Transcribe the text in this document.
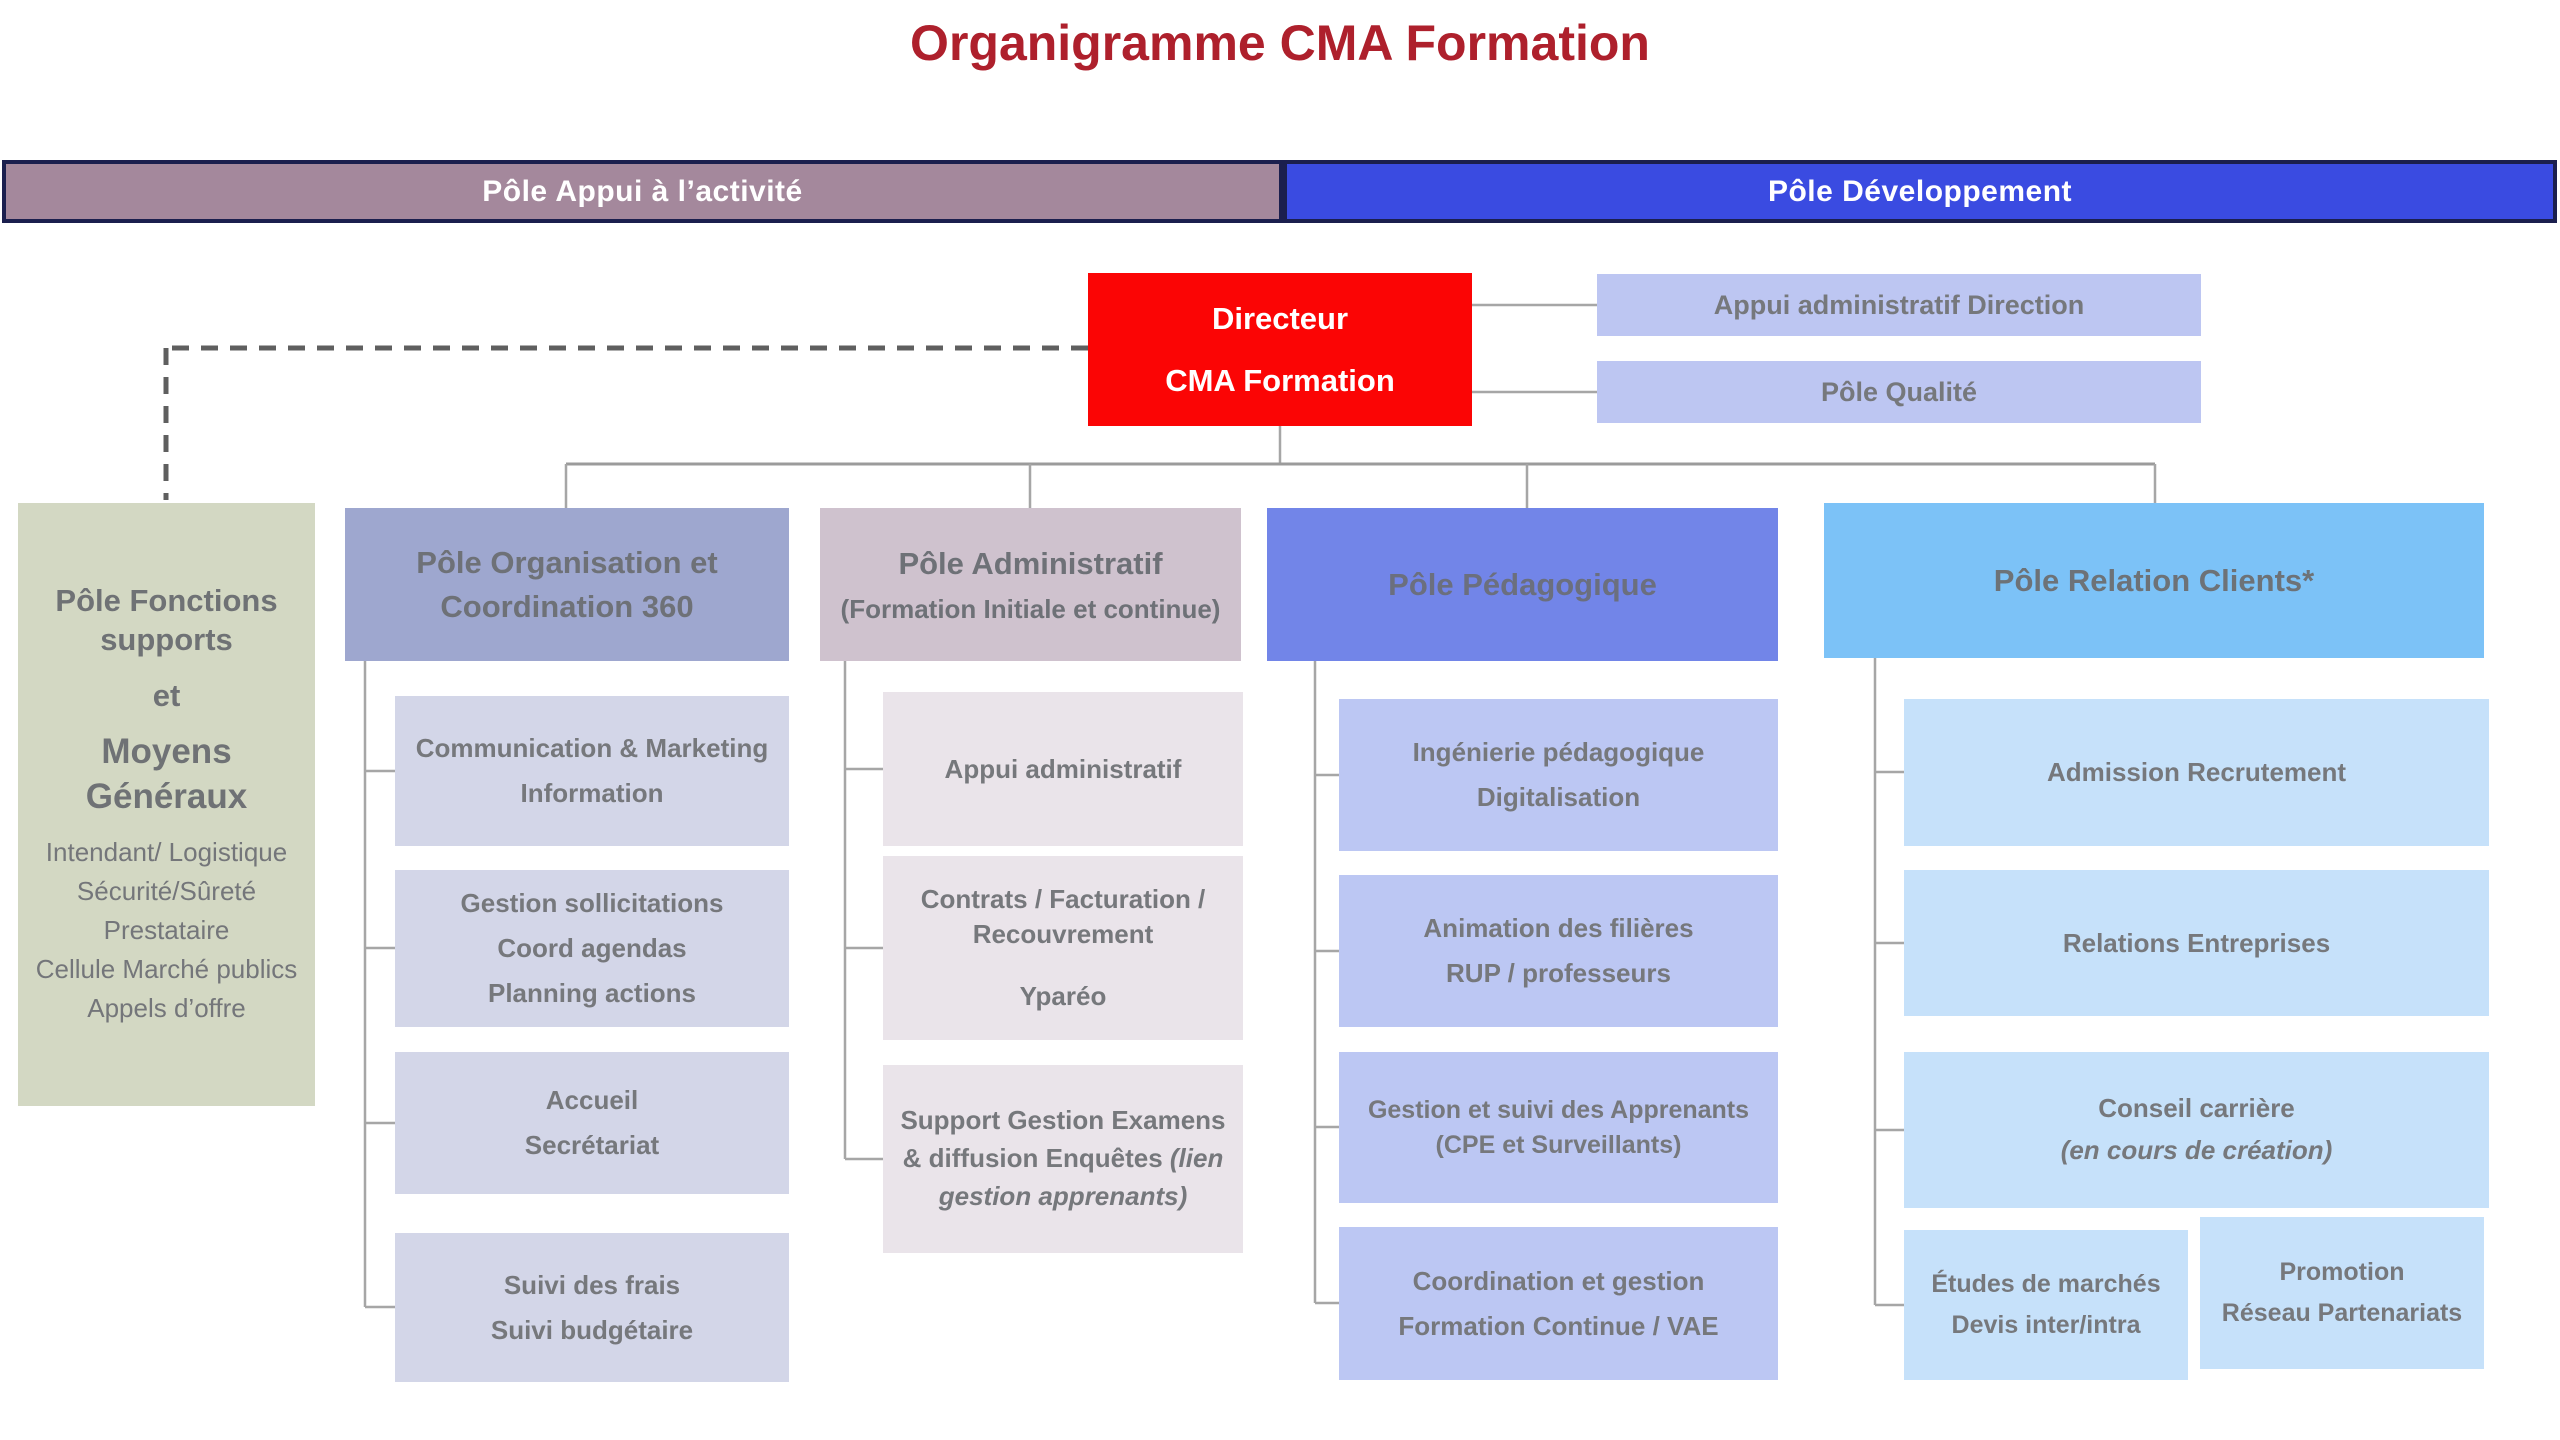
Organigramme CMA Formation
Pôle Appui à l’activité	Pôle Développement
Directeur
CMA Formation
Appui administratif Direction
Pôle Qualité
Pôle Fonctions
supports
et
Moyens Généraux
Intendant/ Logistique
Sécurité/Sûreté
Prestataire
Cellule Marché publics
Appels d’offre
Pôle Organisation et
Coordination 360
Pôle Administratif
(Formation Initiale et continue)
Pôle Pédagogique	Pôle Relation Clients*
Communication & Marketing
Information
Gestion sollicitations
Coord agendas
Planning actions
Accueil
Secrétariat
Suivi des frais
Suivi budgétaire
Appui administratif
Contrats / Facturation /
Recouvrement
Yparéo
Support Gestion Examens
& diffusion Enquêtes (lien gestion apprenants)
Ingénierie pédagogique
Digitalisation
Animation des filières
RUP / professeurs
Gestion et suivi des Apprenants
(CPE et Surveillants)
Coordination et gestion
Formation Continue / VAE
Admission Recrutement
Relations Entreprises
Conseil carrière
(en cours de création)
Études de marchés
Devis inter/intra
Promotion
Réseau Partenariats
